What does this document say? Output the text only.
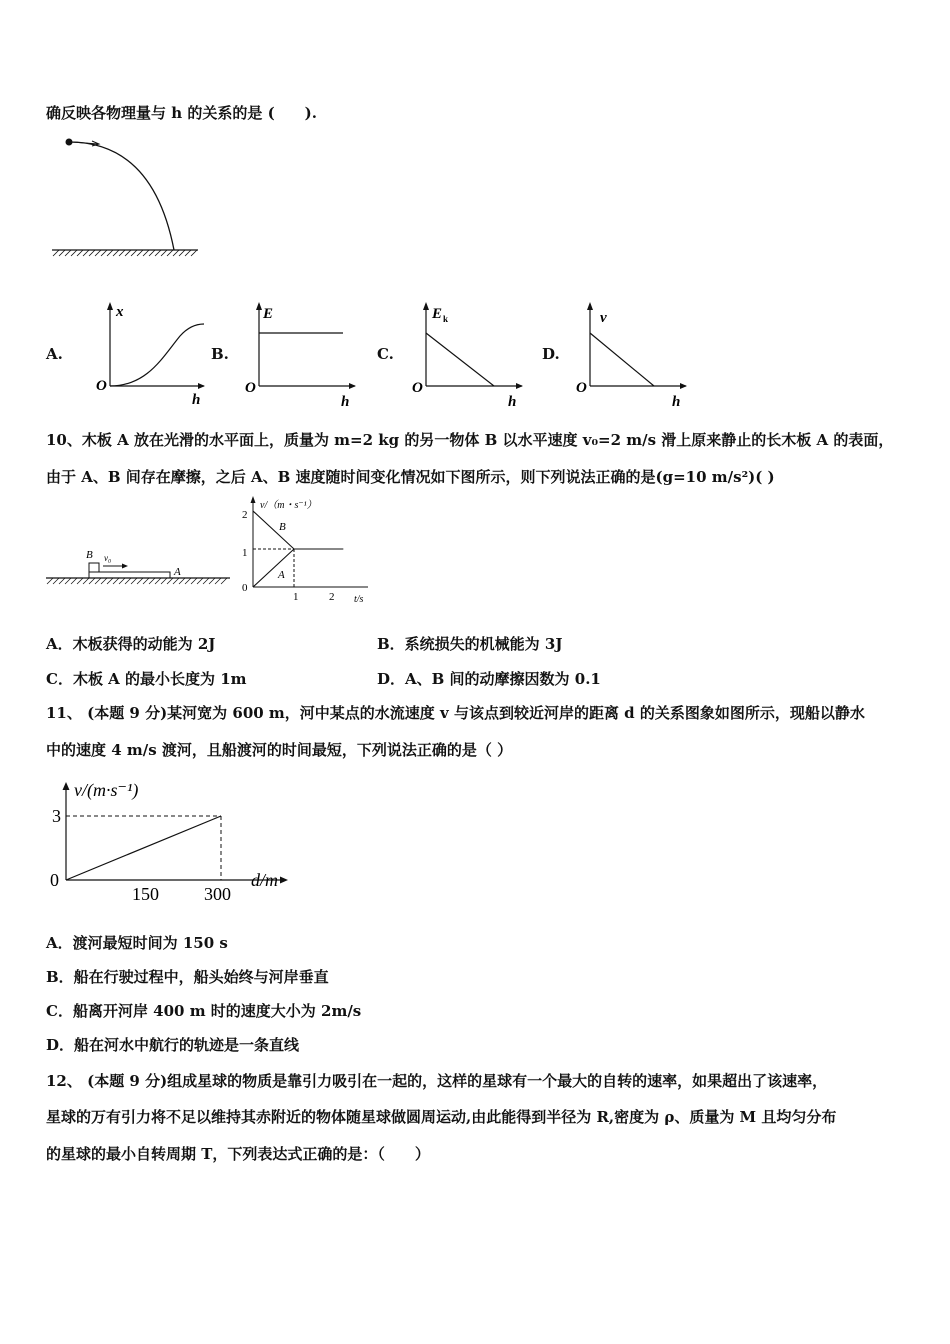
确反映各物理量与 h 的关系的是 (　　).
A.
x
O
h
B.
E
O
h
C.
E k
O
h
D.
v
O
h
10、木板 A 放在光滑的水平面上，质量为 m=2 kg 的另一物体 B 以水平速度 v₀=2 m/s 滑上原来静止的长木板 A 的表面，
由于 A、B 间存在摩擦，之后 A、B 速度随时间变化情况如下图所示，则下列说法正确的是(g=10 m/s²)( )
B v₀
A
v/（m・s⁻¹）
2
1
0
1	2 t/s
B
A
A．木板获得的动能为 2J	B．系统损失的机械能为 3J
C．木板 A 的最小长度为 1m	D．A、B 间的动摩擦因数为 0.1
11、 (本题 9 分)某河宽为 600 m，河中某点的水流速度 v 与该点到较近河岸的距离 d 的关系图象如图所示，现船以静水
中的速度 4 m/s 渡河，且船渡河的时间最短，下列说法正确的是（ ）
v/(m·s⁻¹)
3
0
150	300
d/m
A．渡河最短时间为 150 s
B．船在行驶过程中，船头始终与河岸垂直
C．船离开河岸 400 m 时的速度大小为 2m/s
D．船在河水中航行的轨迹是一条直线
12、 (本题 9 分)组成星球的物质是靠引力吸引在一起的，这样的星球有一个最大的自转的速率，如果超出了该速率，
星球的万有引力将不足以维持其赤附近的物体随星球做圆周运动,由此能得到半径为 R,密度为 ρ、质量为 M 且均匀分布
的星球的最小自转周期 T，下列表达式正确的是：（　　）
